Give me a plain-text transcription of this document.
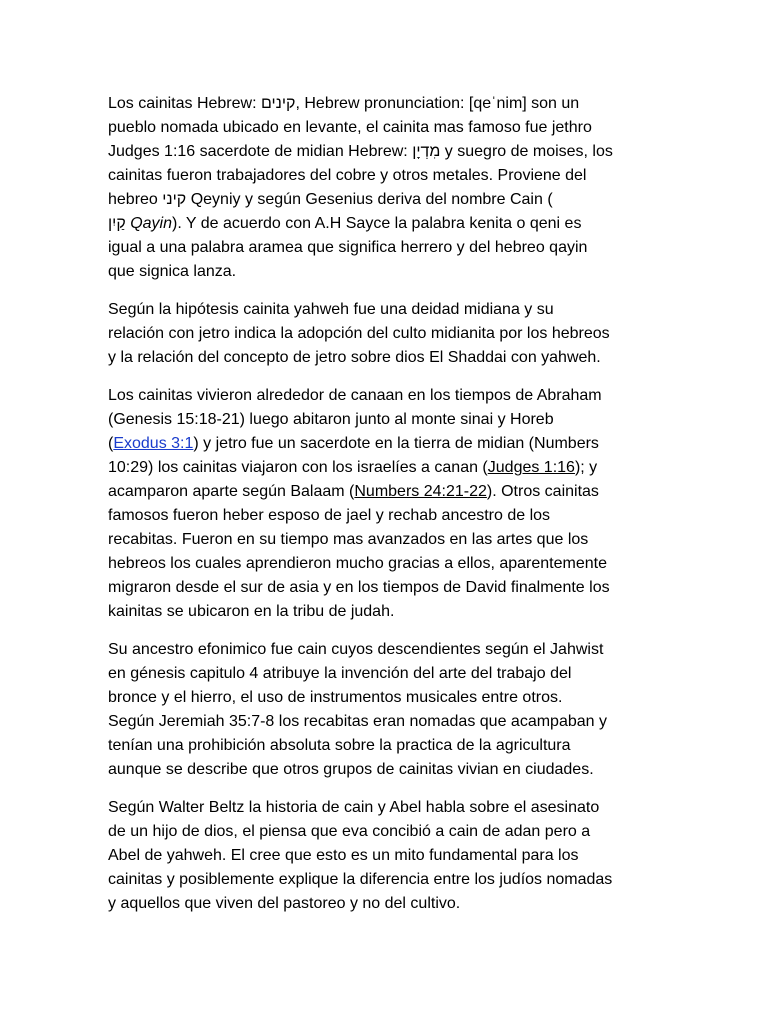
Los cainitas Hebrew: קינים, Hebrew pronunciation: [qeˈnim] son un
pueblo nomada ubicado en levante, el cainita mas famoso fue jethro
Judges 1:16 sacerdote de midian Hebrew: מִדְיָן y suegro de moises, los
cainitas fueron trabajadores del cobre y otros metales. Proviene del
hebreo קיני Qeyniy y según Gesenius deriva del nombre Cain (
קַיִן Qayin). Y de acuerdo con A.H Sayce la palabra kenita o qeni es
igual a una palabra aramea que significa herrero y del hebreo qayin
que signica lanza.
Según la hipótesis cainita yahweh fue una deidad midiana y su
relación con jetro indica la adopción del culto midianita por los hebreos
y la relación del concepto de jetro sobre dios El Shaddai con yahweh.
Los cainitas vivieron alrededor de canaan en los tiempos de Abraham
(Genesis 15:18-21) luego abitaron junto al monte sinai y Horeb
(Exodus 3:1) y jetro fue un sacerdote en la tierra de midian (Numbers
10:29) los cainitas viajaron con los israelíes a canan (Judges 1:16); y
acamparon aparte según Balaam (Numbers 24:21-22). Otros cainitas
famosos fueron heber esposo de jael y rechab ancestro de los
recabitas. Fueron en su tiempo mas avanzados en las artes que los
hebreos los cuales aprendieron mucho gracias a ellos, aparentemente
migraron desde el sur de asia y en los tiempos de David finalmente los
kainitas se ubicaron en la tribu de judah.
Su ancestro efonimico fue cain cuyos descendientes según el Jahwist
en génesis capitulo 4 atribuye la invención del arte del trabajo del
bronce y el hierro, el uso de instrumentos musicales entre otros.
Según Jeremiah 35:7-8 los recabitas eran nomadas que acampaban y
tenían una prohibición absoluta sobre la practica de la agricultura
aunque se describe que otros grupos de cainitas vivian en ciudades.
Según Walter Beltz la historia de cain y Abel habla sobre el asesinato
de un hijo de dios, el piensa que eva concibió a cain de adan pero a
Abel de yahweh. El cree que esto es un mito fundamental para los
cainitas y posiblemente explique la diferencia entre los judíos nomadas
y aquellos que viven del pastoreo y no del cultivo.
